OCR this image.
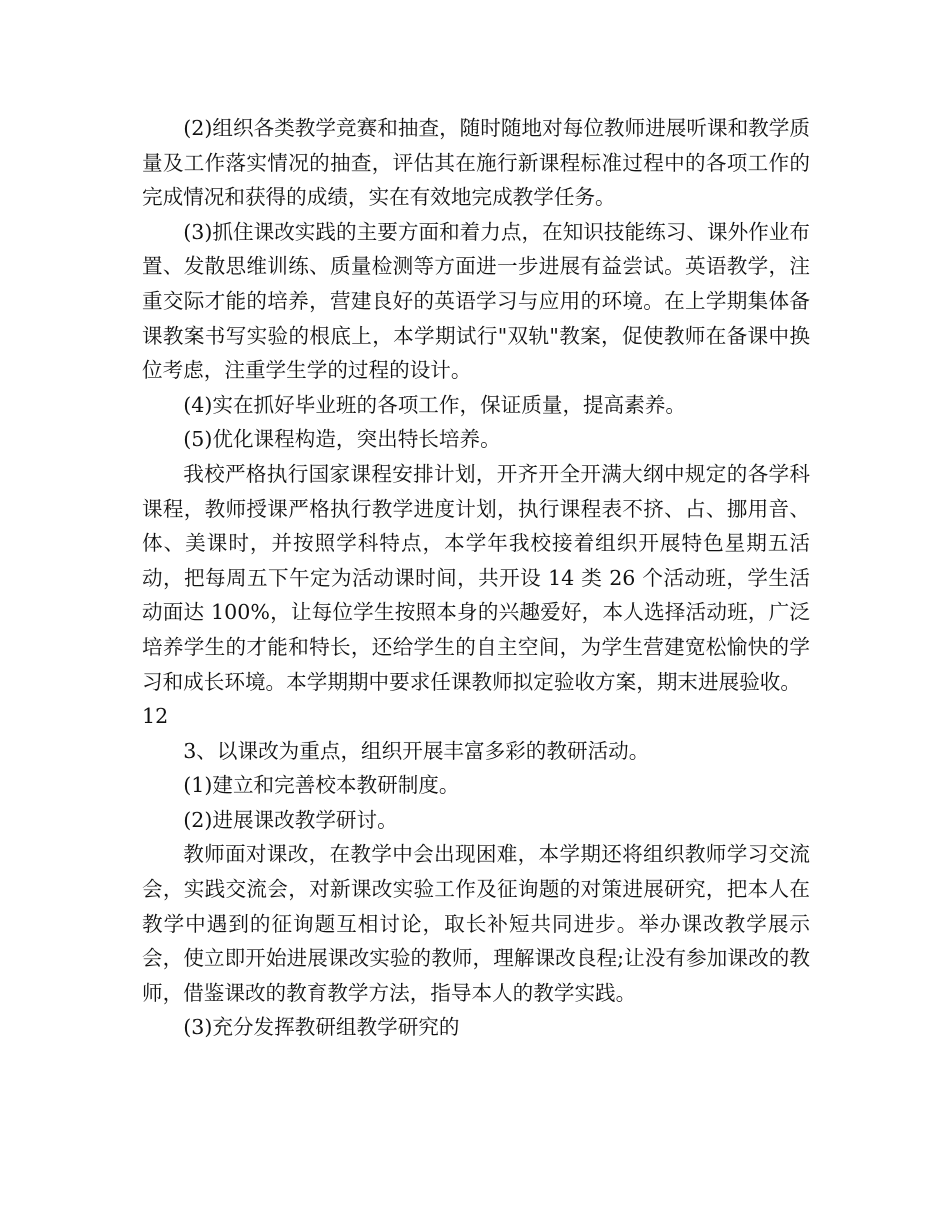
(2)组织各类教学竞赛和抽查，随时随地对每位教师进展听课和教学质量及工作落实情况的抽查，评估其在施行新课程标准过程中的各项工作的完成情况和获得的成绩，实在有效地完成教学任务。

(3)抓住课改实践的主要方面和着力点，在知识技能练习、课外作业布置、发散思维训练、质量检测等方面进一步进展有益尝试。英语教学，注重交际才能的培养，营建良好的英语学习与应用的环境。在上学期集体备课教案书写实验的根底上，本学期试行"双轨"教案，促使教师在备课中换位考虑，注重学生学的过程的设计。

(4)实在抓好毕业班的各项工作，保证质量，提高素养。

(5)优化课程构造，突出特长培养。

我校严格执行国家课程安排计划，开齐开全开满大纲中规定的各学科课程，教师授课严格执行教学进度计划，执行课程表不挤、占、挪用音、体、美课时，并按照学科特点，本学年我校接着组织开展特色星期五活动，把每周五下午定为活动课时间，共开设 14 类 26 个活动班，学生活动面达 100%，让每位学生按照本身的兴趣爱好，本人选择活动班，广泛培养学生的才能和特长，还给学生的自主空间，为学生营建宽松愉快的学习和成长环境。本学期期中要求任课教师拟定验收方案，期末进展验收。

12

3、以课改为重点，组织开展丰富多彩的教研活动。

(1)建立和完善校本教研制度。

(2)进展课改教学研讨。

教师面对课改，在教学中会出现困难，本学期还将组织教师学习交流会，实践交流会，对新课改实验工作及征询题的对策进展研究，把本人在教学中遇到的征询题互相讨论，取长补短共同进步。举办课改教学展示会，使立即开始进展课改实验的教师，理解课改良程;让没有参加课改的教师，借鉴课改的教育教学方法，指导本人的教学实践。

(3)充分发挥教研组教学研究的
